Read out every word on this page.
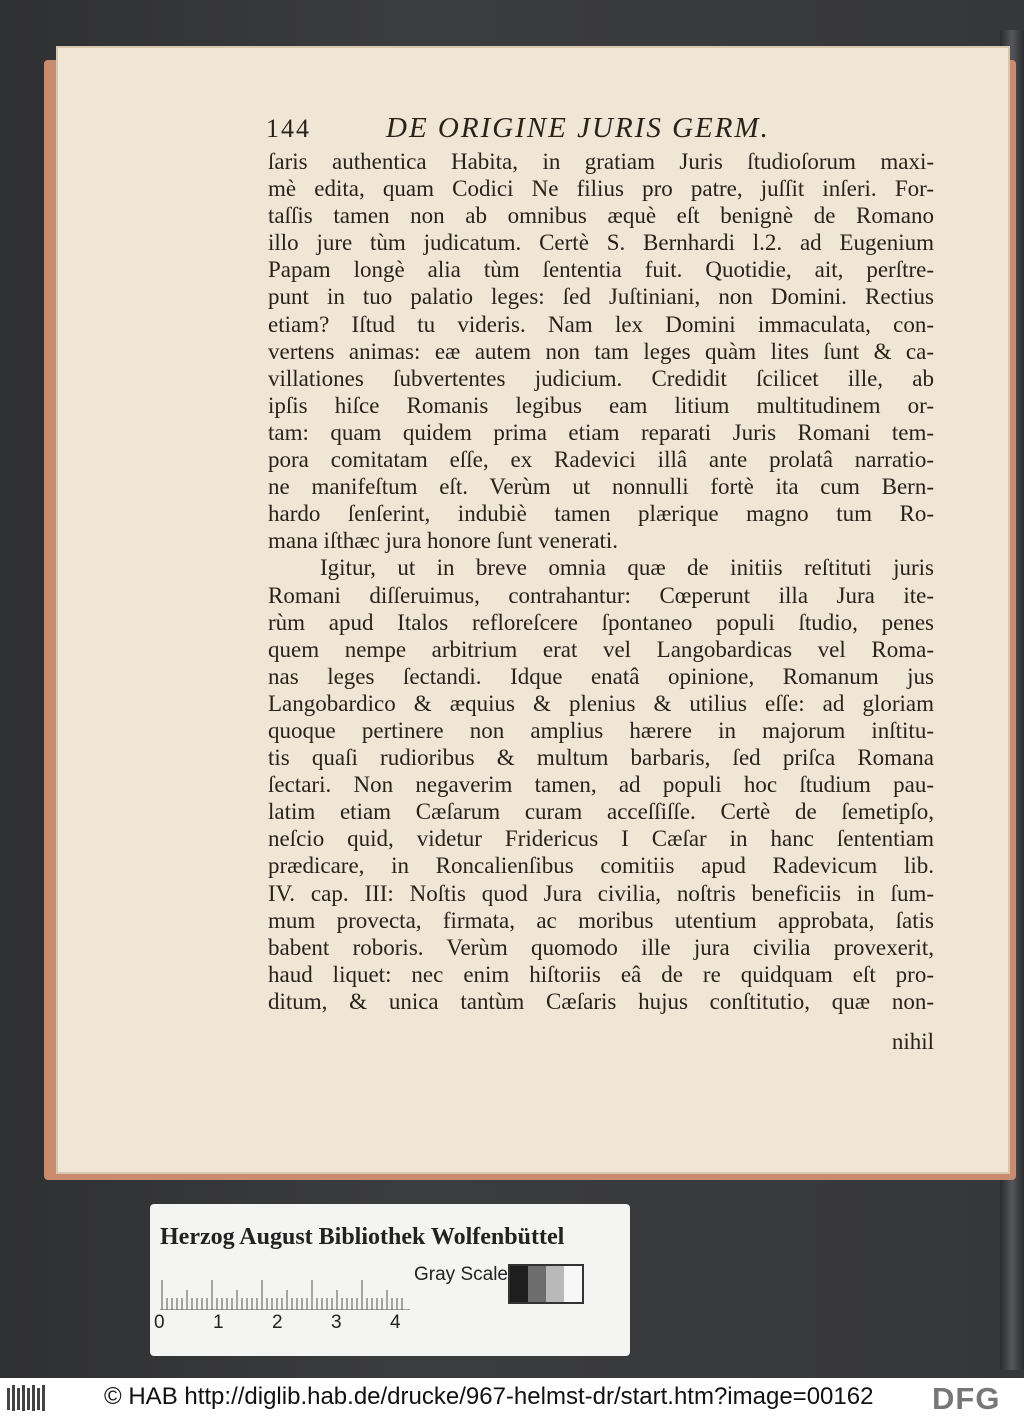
144	DE ORIGINE JURIS GERM.
ſaris authentica Habita, in gratiam Juris ſtudioſorum maxi-
mè edita, quam Codici Ne filius pro patre, juſſit inſeri. For-
taſſis tamen non ab omnibus æquè eſt benignè de Romano
illo jure tùm judicatum. Certè S. Bernhardi l.2. ad Eugenium
Papam longè alia tùm ſententia fuit. Quotidie, ait, perſtre-
punt in tuo palatio leges: ſed Juſtiniani, non Domini. Rectius
etiam? Iſtud tu videris. Nam lex Domini immaculata, con-
vertens animas: eæ autem non tam leges quàm lites ſunt & ca-
villationes ſubvertentes judicium. Credidit ſcilicet ille, ab
ipſis hiſce Romanis legibus eam litium multitudinem or-
tam: quam quidem prima etiam reparati Juris Romani tem-
pora comitatam eſſe, ex Radevici illâ ante prolatâ narratio-
ne manifeſtum eſt. Verùm ut nonnulli fortè ita cum Bern-
hardo ſenſerint, indubiè tamen plærique magno tum Ro-
mana iſthæc jura honore ſunt venerati.
Igitur, ut in breve omnia quæ de initiis reſtituti juris
Romani diſſeruimus, contrahantur: Cœperunt illa Jura ite-
rùm apud Italos refloreſcere ſpontaneo populi ſtudio, penes
quem nempe arbitrium erat vel Langobardicas vel Roma-
nas leges ſectandi. Idque enatâ opinione, Romanum jus
Langobardico & æquius & plenius & utilius eſſe: ad gloriam
quoque pertinere non amplius hærere in majorum inſtitu-
tis quaſi rudioribus & multum barbaris, ſed priſca Romana
ſectari. Non negaverim tamen, ad populi hoc ſtudium pau-
latim etiam Cæſarum curam acceſſiſſe. Certè de ſemetipſo,
neſcio quid, videtur Fridericus I Cæſar in hanc ſententiam
prædicare, in Roncalienſibus comitiis apud Radevicum lib.
IV. cap. III: Noſtis quod Jura civilia, noſtris beneficiis in ſum-
mum provecta, firmata, ac moribus utentium approbata, ſatis
babent roboris. Verùm quomodo ille jura civilia provexerit,
haud liquet: nec enim hiſtoriis eâ de re quidquam eſt pro-
ditum, & unica tantùm Cæſaris hujus conſtitutio, quæ non-
nihil
Herzog August Bibliothek Wolfenbüttel
0	1	2	3	4
Gray Scale
© HAB http://diglib.hab.de/drucke/967-helmst-dr/start.htm?image=00162 DFG
